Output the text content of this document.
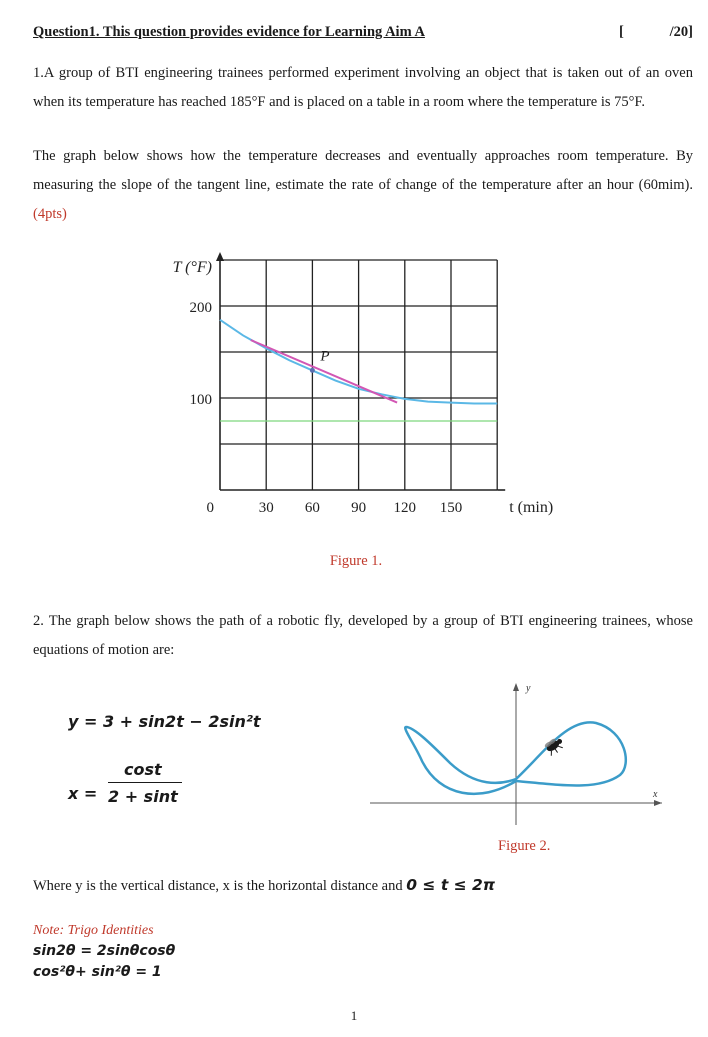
Question1. This question provides evidence for Learning Aim A	[	/20]
1.A group of BTI engineering trainees performed experiment involving an object that is taken out of an oven when its temperature has reached 185°F and is placed on a table in a room where the temperature is 75°F.
The graph below shows how the temperature decreases and eventually approaches room temperature. By measuring the slope of the tangent line, estimate the rate of change of the temperature after an hour (60mim). (4pts)
P
200
100
0	30 60 90 120 150
T (°F)
t (min)
Figure 1.
2. The graph below shows the path of a robotic fly, developed by a group of BTI engineering trainees, whose equations of motion are:
y = 3 + sin2t − 2sin²t
x =
cost
2 + sint
y
x
Figure 2.
Where y is the vertical distance, x is the horizontal distance and 0 ≤ t ≤ 2π
Note: Trigo Identities
sin2θ = 2sinθcosθ
cos²θ+ sin²θ = 1
1
